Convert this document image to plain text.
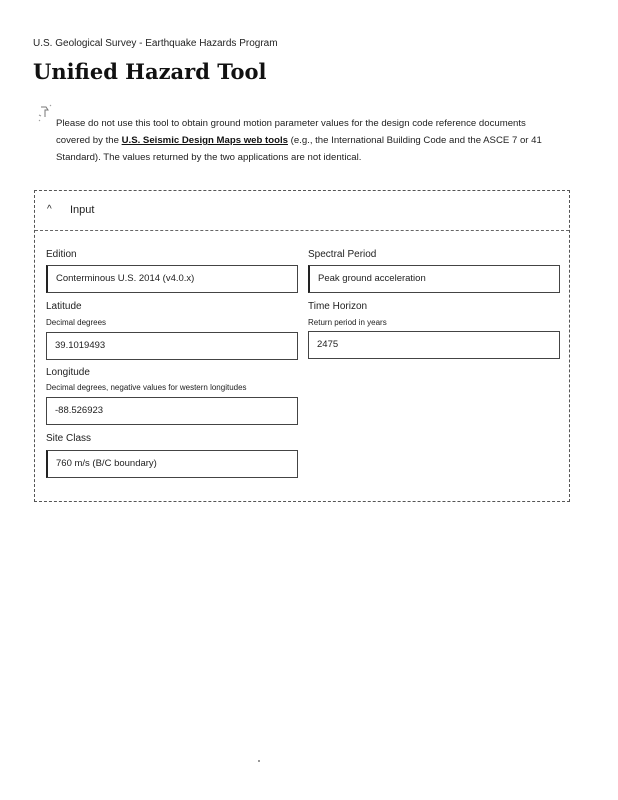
U.S. Geological Survey - Earthquake Hazards Program
Unified Hazard Tool
Please do not use this tool to obtain ground motion parameter values for the design code reference documents covered by the U.S. Seismic Design Maps web tools (e.g., the International Building Code and the ASCE 7 or 41 Standard). The values returned by the two applications are not identical.
^ Input
Edition
Conterminous U.S. 2014 (v4.0.x)
Spectral Period
Peak ground acceleration
Latitude
Decimal degrees
39.1019493
Time Horizon
Return period in years
2475
Longitude
Decimal degrees, negative values for western longitudes
-88.526923
Site Class
760 m/s (B/C boundary)
